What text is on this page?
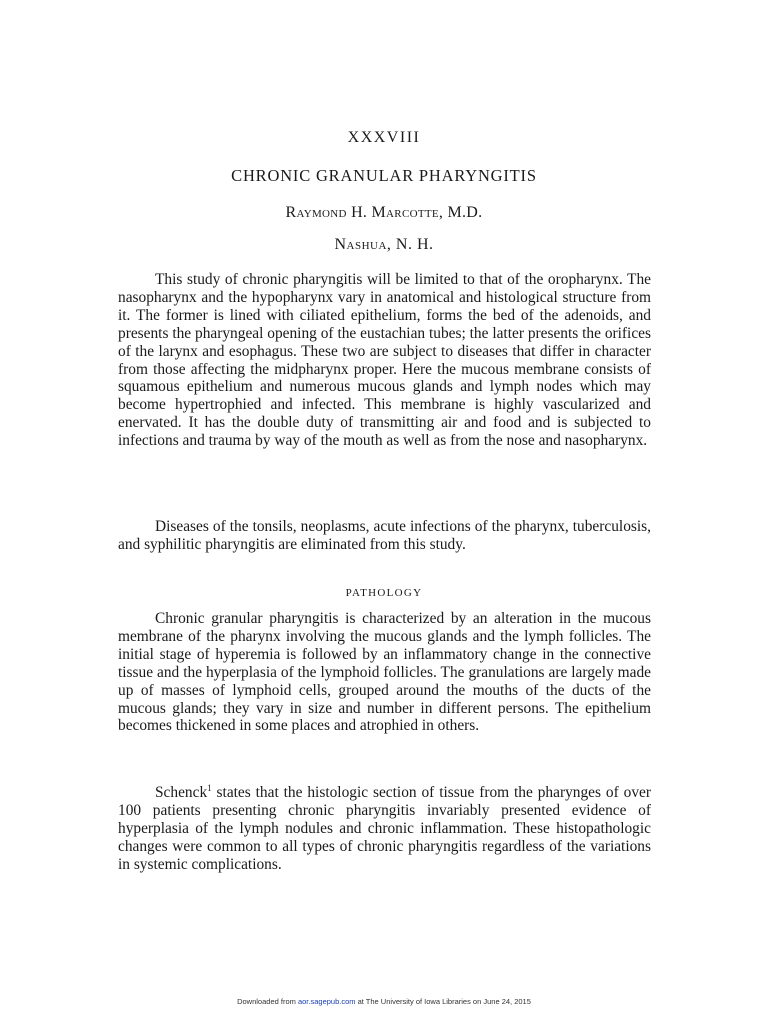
XXXVIII
CHRONIC GRANULAR PHARYNGITIS
Raymond H. Marcotte, M.D.
Nashua, N. H.

This study of chronic pharyngitis will be limited to that of the oropharynx. The nasopharynx and the hypopharynx vary in anatomical and histological structure from it. The former is lined with ciliated epithelium, forms the bed of the adenoids, and presents the pharyngeal opening of the eustachian tubes; the latter presents the orifices of the larynx and esophagus. These two are subject to diseases that differ in character from those affecting the midpharynx proper. Here the mucous membrane consists of squamous epithelium and numerous mucous glands and lymph nodes which may become hypertrophied and infected. This membrane is highly vascularized and enervated. It has the double duty of transmitting air and food and is subjected to infections and trauma by way of the mouth as well as from the nose and nasopharynx.

Diseases of the tonsils, neoplasms, acute infections of the pharynx, tuberculosis, and syphilitic pharyngitis are eliminated from this study.

PATHOLOGY

Chronic granular pharyngitis is characterized by an alteration in the mucous membrane of the pharynx involving the mucous glands and the lymph follicles. The initial stage of hyperemia is followed by an inflammatory change in the connective tissue and the hyperplasia of the lymphoid follicles. The granulations are largely made up of masses of lymphoid cells, grouped around the mouths of the ducts of the mucous glands; they vary in size and number in different persons. The epithelium becomes thickened in some places and atrophied in others.

Schenck$^1$ states that the histologic section of tissue from the pharynges of over 100 patients presenting chronic pharyngitis invariably presented evidence of hyperplasia of the lymph nodules and chronic inflammation. These histopathologic changes were common to all types of chronic pharyngitis regardless of the variations in systemic complications.

Downloaded from aor.sagepub.com at The University of Iowa Libraries on June 24, 2015
